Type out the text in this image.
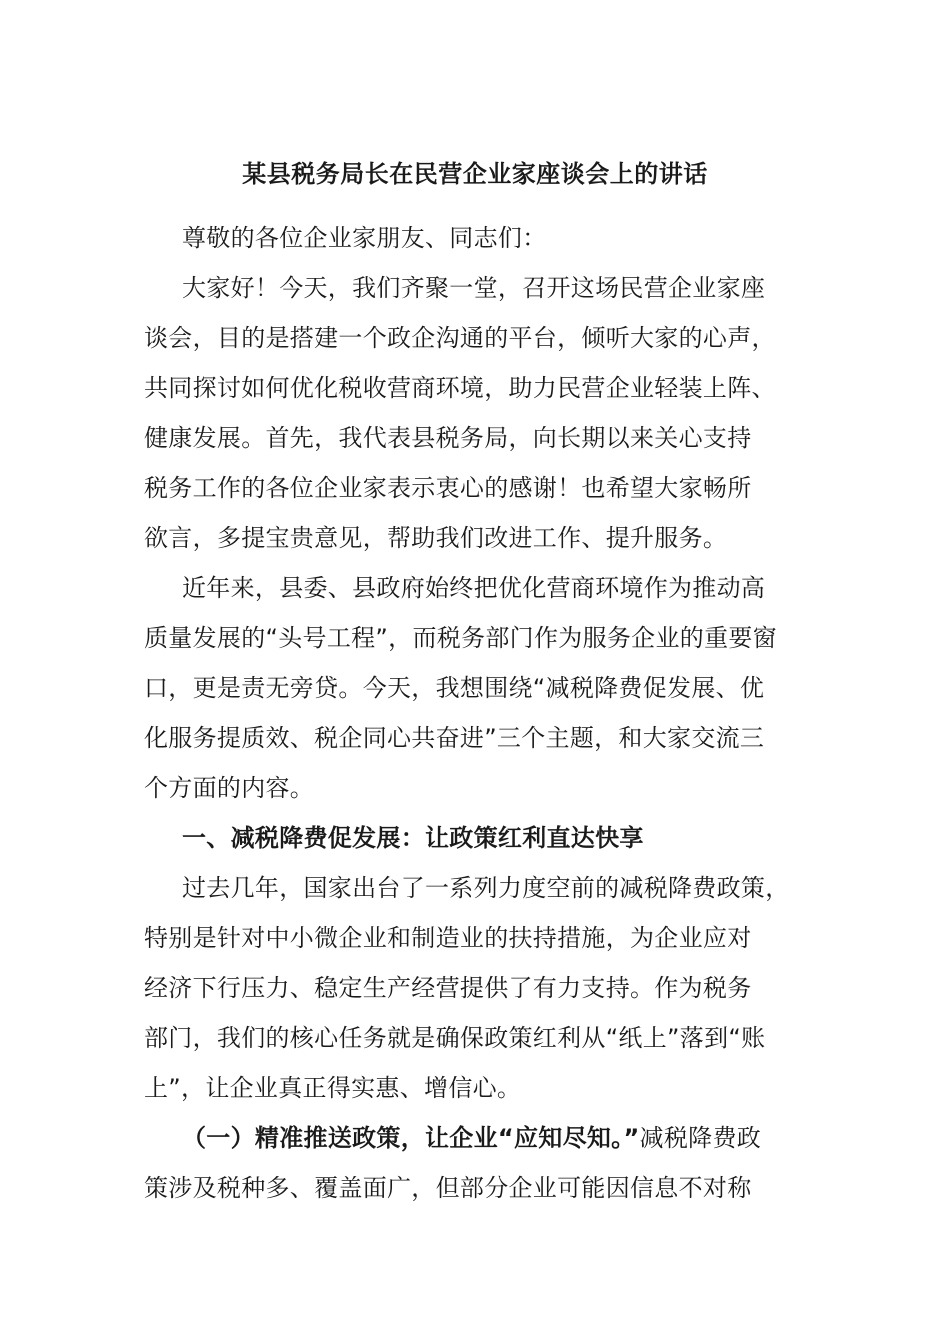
某县税务局长在民营企业家座谈会上的讲话
尊敬的各位企业家朋友、同志们：
大家好！今天，我们齐聚一堂，召开这场民营企业家座
谈会，目的是搭建一个政企沟通的平台，倾听大家的心声，
共同探讨如何优化税收营商环境，助力民营企业轻装上阵、
健康发展。首先，我代表县税务局，向长期以来关心支持
税务工作的各位企业家表示衷心的感谢！也希望大家畅所
欲言，多提宝贵意见，帮助我们改进工作、提升服务。
近年来，县委、县政府始终把优化营商环境作为推动高
质量发展的“头号工程”，而税务部门作为服务企业的重要窗
口，更是责无旁贷。今天，我想围绕“减税降费促发展、优
化服务提质效、税企同心共奋进”三个主题，和大家交流三
个方面的内容。
一、减税降费促发展：让政策红利直达快享
过去几年，国家出台了一系列力度空前的减税降费政策，
特别是针对中小微企业和制造业的扶持措施，为企业应对
经济下行压力、稳定生产经营提供了有力支持。作为税务
部门，我们的核心任务就是确保政策红利从“纸上”落到“账
上”，让企业真正得实惠、增信心。
（一）精准推送政策，让企业“应知尽知。”减税降费政
策涉及税种多、覆盖面广，但部分企业可能因信息不对称
